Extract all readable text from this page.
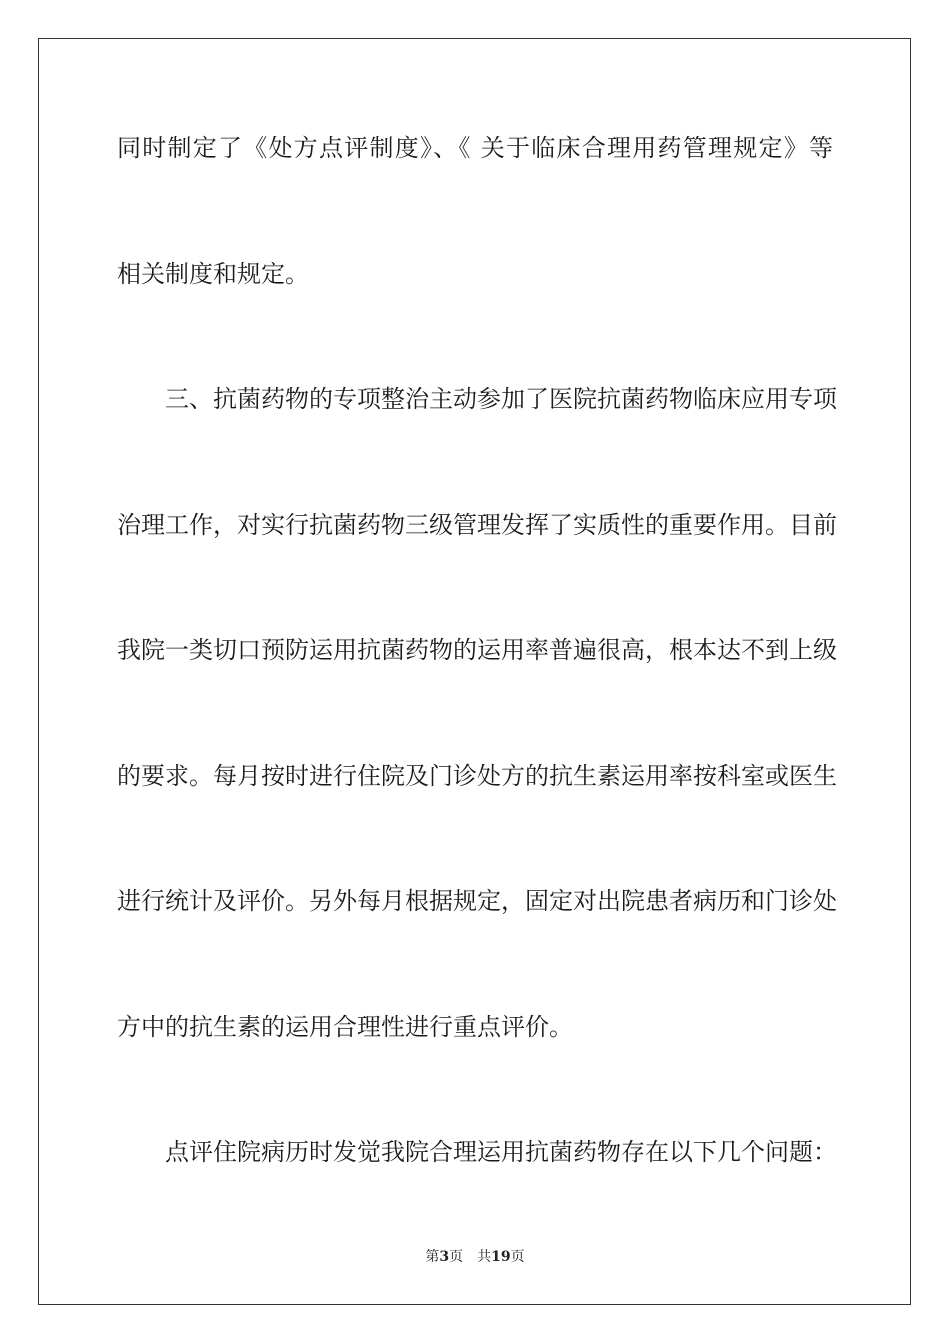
同时制定了《处方点评制度》、《 关于临床合理用药管理规定》等
相关制度和规定。
三、抗菌药物的专项整治主动参加了医院抗菌药物临床应用专项
治理工作，对实行抗菌药物三级管理发挥了实质性的重要作用。目前
我院一类切口预防运用抗菌药物的运用率普遍很高，根本达不到上级
的要求。每月按时进行住院及门诊处方的抗生素运用率按科室或医生
进行统计及评价。另外每月根据规定，固定对出院患者病历和门诊处
方中的抗生素的运用合理性进行重点评价。
点评住院病历时发觉我院合理运用抗菌药物存在以下几个问题：
第3页 共19页
